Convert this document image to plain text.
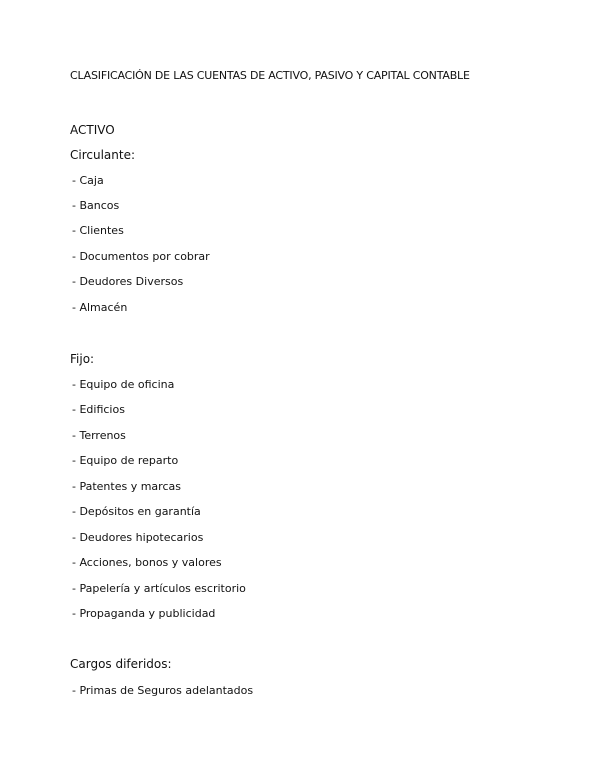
CLASIFICACIÓN DE LAS CUENTAS DE ACTIVO, PASIVO Y CAPITAL CONTABLE
ACTIVO
Circulante:
- Caja
- Bancos
- Clientes
- Documentos por cobrar
- Deudores Diversos
- Almacén
Fijo:
- Equipo de oficina
- Edificios
- Terrenos
- Equipo de reparto
- Patentes y marcas
- Depósitos en garantía
- Deudores hipotecarios
- Acciones, bonos y valores
- Papelería y artículos escritorio
- Propaganda y publicidad
Cargos diferidos:
- Primas de Seguros adelantados
